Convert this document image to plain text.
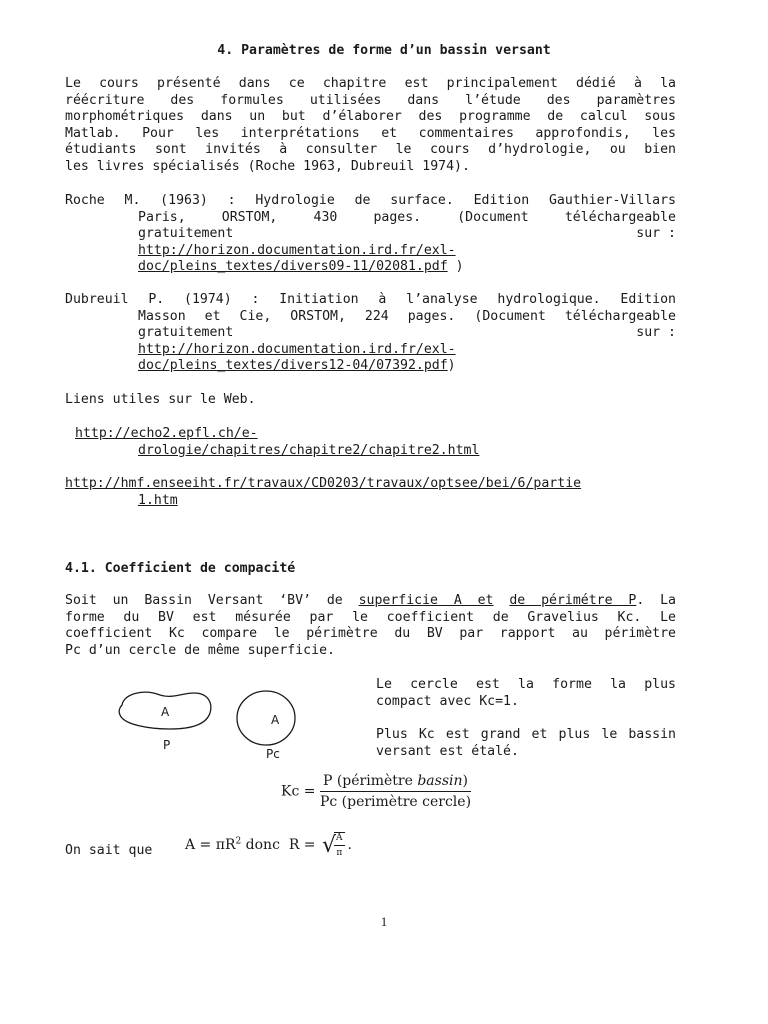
4. Paramètres de forme d’un bassin versant
Le cours présenté dans ce chapitre est principalement dédié à la
réécriture des formules utilisées dans l’étude des paramètres
morphométriques dans un but d’élaborer des programme de calcul sous
Matlab. Pour les interprétations et commentaires approfondis, les
étudiants sont invités à consulter le cours d’hydrologie, ou bien
les livres spécialisés (Roche 1963, Dubreuil 1974).
Roche M. (1963) : Hydrologie de surface. Edition Gauthier-Villars
Paris, ORSTOM, 430 pages. (Document téléchargeable
gratuitement	sur :
http://horizon.documentation.ird.fr/exl-
doc/pleins_textes/divers09-11/02081.pdf )
Dubreuil P. (1974) : Initiation à l’analyse hydrologique. Edition
Masson et Cie, ORSTOM, 224 pages. (Document téléchargeable
gratuitement	sur :
http://horizon.documentation.ird.fr/exl-
doc/pleins_textes/divers12-04/07392.pdf)
Liens utiles sur le Web.
http://echo2.epfl.ch/e-
drologie/chapitres/chapitre2/chapitre2.html
http://hmf.enseeiht.fr/travaux/CD0203/travaux/optsee/bei/6/partie
1.htm
4.1. Coefficient de compacité
Soit un Bassin Versant ‘BV’ de superficie A et de périmétre P. La
forme du BV est mésurée par le coefficient de Gravelius Kc. Le
coefficient Kc compare le périmètre du BV par rapport au périmètre
Pc d’un cercle de même superficie.
A
P
A
Pc

Le cercle est la forme la plus compact avec Kc=1.

Plus Kc est grand et plus le bassin versant est étalé.

$Kc = \frac{\text{P (périmètre bassin)}}{\text{Pc (perimètre cercle)}}$
On sait que $A = \pi R^2$ donc  R = √
$\frac{A}{\pi}$ .
1
